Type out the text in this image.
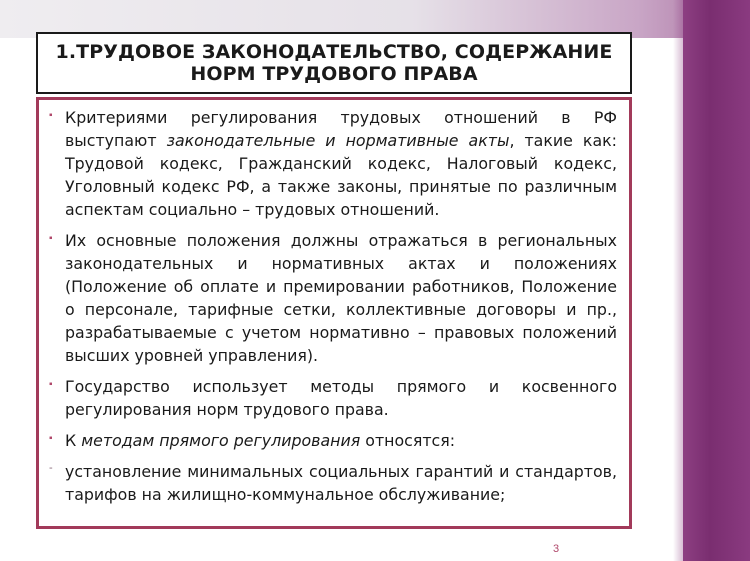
1.ТРУДОВОЕ ЗАКОНОДАТЕЛЬСТВО, СОДЕРЖАНИЕ НОРМ ТРУДОВОГО ПРАВА
▪ Критериями регулирования трудовых отношений в РФ выступают законодательные и нормативные акты, такие как: Трудовой кодекс, Гражданский кодекс, Налоговый кодекс, Уголовный кодекс РФ, а также законы, принятые по различным аспектам социально – трудовых отношений.
▪ Их основные положения должны отражаться в региональных законодательных и нормативных актах и положениях (Положение об оплате и премировании работников, Положение о персонале, тарифные сетки, коллективные договоры и пр., разрабатываемые с учетом нормативно – правовых положений высших уровней управления).
▪ Государство использует методы прямого и косвенного регулирования норм трудового права.
▪ К методам прямого регулирования относятся:
- установление минимальных социальных гарантий и стандартов, тарифов на жилищно-коммунальное обслуживание;
3
